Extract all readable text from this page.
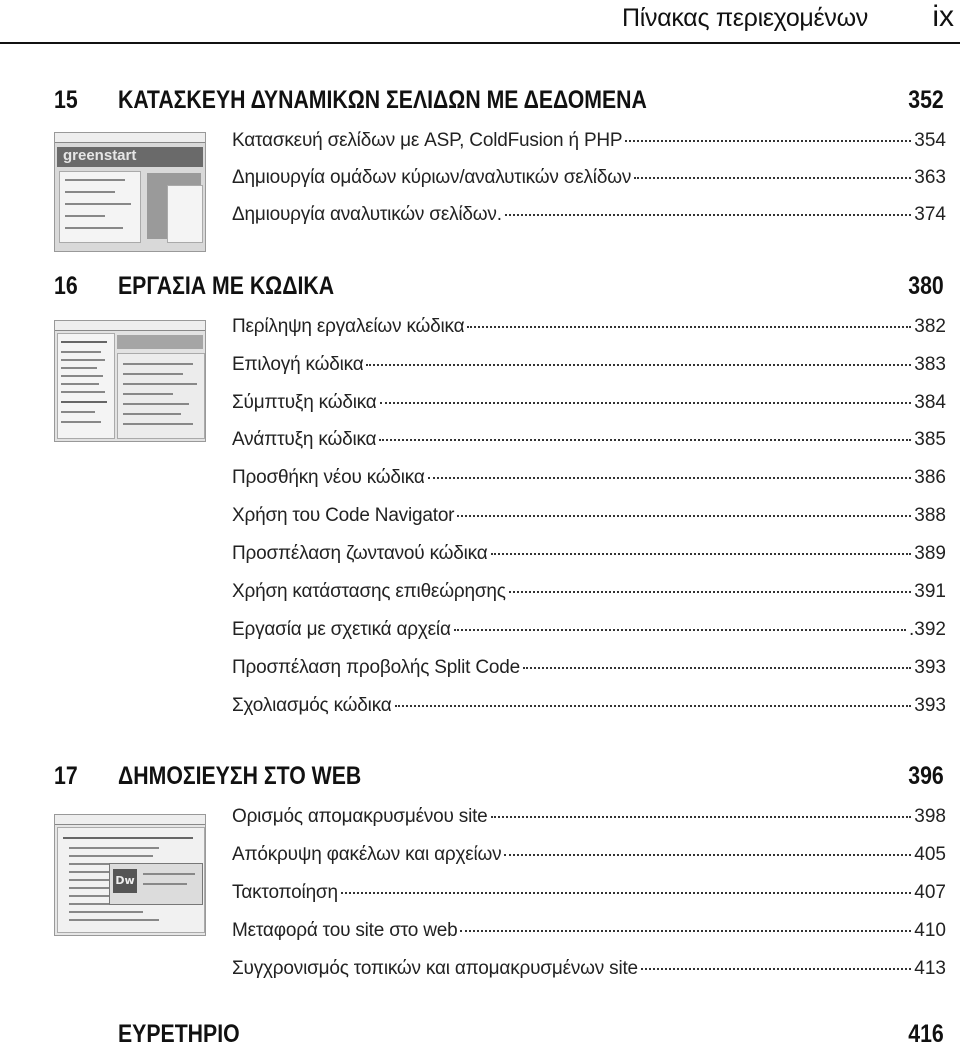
Πίνακας περιεχομένων ix
15 ΚΑΤΑΣΚΕΥΗ ΔΥΝΑΜΙΚΩΝ ΣΕΛΙΔΩΝ ΜΕ ΔΕΔΟΜΕΝΑ	352
greenstart
Κατασκευή σελίδων με ASP, ColdFusion ή PHP	354
Δημιουργία ομάδων κύριων/αναλυτικών σελίδων	363
Δημιουργία αναλυτικών σελίδων.	374
16 ΕΡΓΑΣΙΑ ΜΕ ΚΩΔΙΚΑ	380
Περίληψη εργαλείων κώδικα	382
Επιλογή κώδικα	383
Σύμπτυξη κώδικα	384
Ανάπτυξη κώδικα	385
Προσθήκη νέου κώδικα	386
Χρήση του Code Navigator	388
Προσπέλαση ζωντανού κώδικα	389
Χρήση κατάστασης επιθεώρησης	391
Εργασία με σχετικά αρχεία	.392
Προσπέλαση προβολής Split Code	393
Σχολιασμός κώδικα	393
17 ΔΗΜΟΣΙΕΥΣΗ ΣΤΟ WEB	396
Dw
Ορισμός απομακρυσμένου site	398
Απόκρυψη φακέλων και αρχείων	405
Τακτοποίηση	407
Μεταφορά του site στο web	410
Συγχρονισμός τοπικών και απομακρυσμένων site	413
ΕΥΡΕΤΗΡΙΟ	416
